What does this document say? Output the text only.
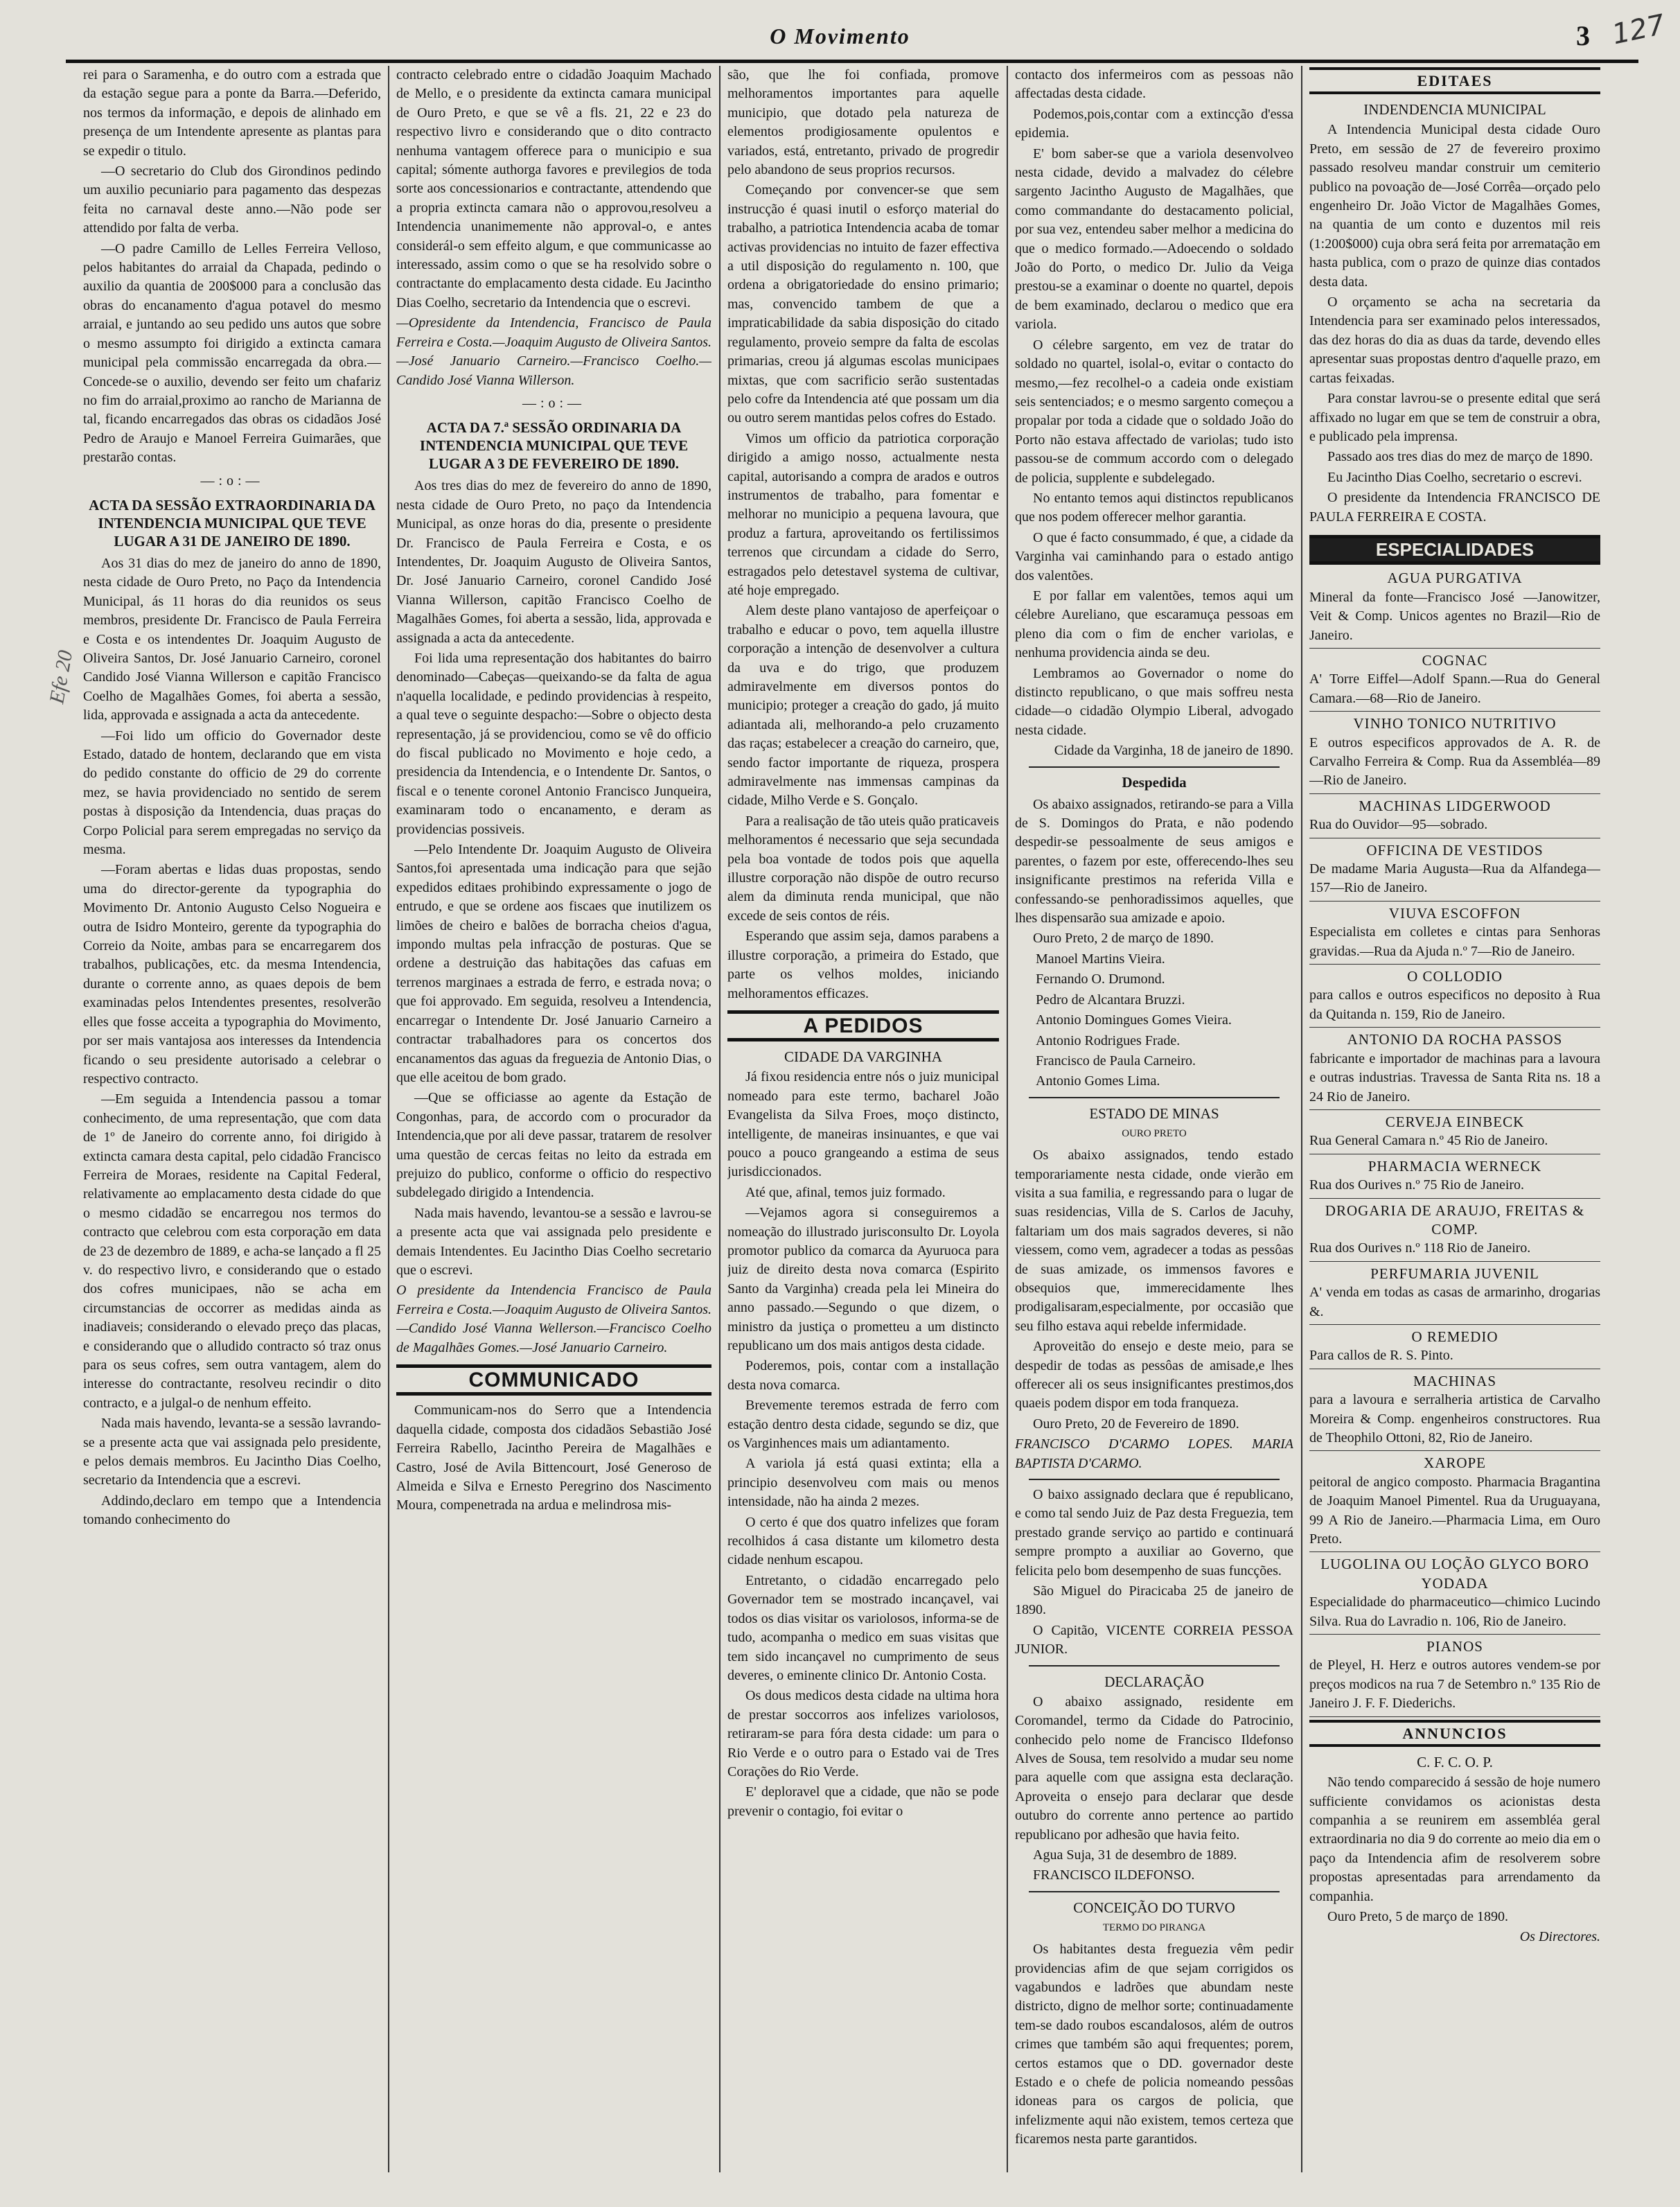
O Movimento	3 127
Efe 20

rei para o Saramenha, e do outro com a estrada que da estação segue para a ponte da Barra.—Deferido, nos termos da informação, e depois de alinhado em presença de um Intendente apresente as plantas para se expedir o titulo.

—O secretario do Club dos Girondinos pedindo um auxilio pecuniario para pagamento das despezas feita no carnaval deste anno.—Não pode ser attendido por falta de verba.

—O padre Camillo de Lelles Ferreira Velloso, pelos habitantes do arraial da Chapada, pedindo o auxilio da quantia de 200$000 para a conclusão das obras do encanamento d'agua potavel do mesmo arraial, e juntando ao seu pedido uns autos que sobre o mesmo assumpto foi dirigido a extincta camara municipal pela commissão encarregada da obra.—Concede-se o auxilio, devendo ser feito um chafariz no fim do arraial,proximo ao rancho de Marianna de tal, ficando encarregados das obras os cidadãos José Pedro de Araujo e Manoel Ferreira Guimarães, que prestarão contas.

—:o:—
ACTA DA SESSÃO EXTRAORDINARIA DA INTENDENCIA MUNICIPAL QUE TEVE LUGAR A 31 DE JANEIRO DE 1890.

Aos 31 dias do mez de janeiro do anno de 1890, nesta cidade de Ouro Preto, no Paço da Intendencia Municipal, ás 11 horas do dia reunidos os seus membros, presidente Dr. Francisco de Paula Ferreira e Costa e os intendentes Dr. Joaquim Augusto de Oliveira Santos, Dr. José Januario Carneiro, coronel Candido José Vianna Willerson e capitão Francisco Coelho de Magalhães Gomes, foi aberta a sessão, lida, approvada e assignada a acta da antecedente.

—Foi lido um officio do Governador deste Estado, datado de hontem, declarando que em vista do pedido constante do officio de 29 do corrente mez, se havia providenciado no sentido de serem postas à disposição da Intendencia, duas praças do Corpo Policial para serem empregadas no serviço da mesma.

—Foram abertas e lidas duas propostas, sendo uma do director-gerente da typographia do Movimento Dr. Antonio Augusto Celso Nogueira e outra de Isidro Monteiro, gerente da typographia do Correio da Noite, ambas para se encarregarem dos trabalhos, publicações, etc. da mesma Intendencia, durante o corrente anno, as quaes depois de bem examinadas pelos Intendentes presentes, resolverão elles que fosse acceita a typographia do Movimento, por ser mais vantajosa aos interesses da Intendencia ficando o seu presidente autorisado a celebrar o respectivo contracto.

—Em seguida a Intendencia passou a tomar conhecimento, de uma representação, que com data de 1º de Janeiro do corrente anno, foi dirigido à extincta camara desta capital, pelo cidadão Francisco Ferreira de Moraes, residente na Capital Federal, relativamente ao emplacamento desta cidade do que o mesmo cidadão se encarregou nos termos do contracto que celebrou com esta corporação em data de 23 de dezembro de 1889, e acha-se lançado a fl 25 v. do respectivo livro, e considerando que o estado dos cofres municipaes, não se acha em circumstancias de occorrer as medidas ainda as inadiaveis; considerando o elevado preço das placas, e considerando que o alludido contracto só traz onus para os seus cofres, sem outra vantagem, alem do interesse do contractante, resolveu recindir o dito contracto, e a julgal-o de nenhum effeito.

Nada mais havendo, levanta-se a sessão lavrando-se a presente acta que vai assignada pelo presidente, e pelos demais membros. Eu Jacintho Dias Coelho, secretario da Intendencia que a escrevi.

Addindo,declaro em tempo que a Intendencia tomando conhecimento do

contracto celebrado entre o cidadão Joaquim Machado de Mello, e o presidente da extincta camara municipal de Ouro Preto, e que se vê a fls. 21, 22 e 23 do respectivo livro e considerando que o dito contracto nenhuma vantagem offerece para o municipio e sua capital; sómente authorga favores e previlegios de toda sorte aos concessionarios e contractante, attendendo que a propria extincta camara não o approvou,resolveu a Intendencia unanimemente não approval-o, e antes considerál-o sem effeito algum, e que communicasse ao interessado, assim como o que se ha resolvido sobre o contractante do emplacamento desta cidade. Eu Jacintho Dias Coelho, secretario da Intendencia que o escrevi.

—Opresidente da Intendencia, Francisco de Paula Ferreira e Costa.—Joaquim Augusto de Oliveira Santos.—José Januario Carneiro.—Francisco Coelho.—Candido José Vianna Willerson.

—:o:—
ACTA DA 7.ª SESSÃO ORDINARIA DA INTENDENCIA MUNICIPAL QUE TEVE LUGAR A 3 DE FEVEREIRO DE 1890.

Aos tres dias do mez de fevereiro do anno de 1890, nesta cidade de Ouro Preto, no paço da Intendencia Municipal, as onze horas do dia, presente o presidente Dr. Francisco de Paula Ferreira e Costa, e os Intendentes, Dr. Joaquim Augusto de Oliveira Santos, Dr. José Januario Carneiro, coronel Candido José Vianna Willerson, capitão Francisco Coelho de Magalhães Gomes, foi aberta a sessão, lida, approvada e assignada a acta da antecedente.

Foi lida uma representação dos habitantes do bairro denominado—Cabeças—queixando-se da falta de agua n'aquella localidade, e pedindo providencias à respeito, a qual teve o seguinte despacho:—Sobre o objecto desta representação, já se providenciou, como se vê do officio do fiscal publicado no Movimento e hoje cedo, a presidencia da Intendencia, e o Intendente Dr. Santos, o fiscal e o tenente coronel Antonio Francisco Junqueira, examinaram todo o encanamento, e deram as providencias possiveis.

—Pelo Intendente Dr. Joaquim Augusto de Oliveira Santos,foi apresentada uma indicação para que sejão expedidos editaes prohibindo expressamente o jogo de entrudo, e que se ordene aos fiscaes que inutilizem os limões de cheiro e balões de borracha cheios d'agua, impondo multas pela infracção de posturas. Que se ordene a destruição das habitações das cafuas em terrenos marginaes a estrada de ferro, e estrada nova; o que foi approvado. Em seguida, resolveu a Intendencia, encarregar o Intendente Dr. José Januario Carneiro a contractar trabalhadores para os concertos dos encanamentos das aguas da freguezia de Antonio Dias, o que elle aceitou de bom grado.

—Que se officiasse ao agente da Estação de Congonhas, para, de accordo com o procurador da Intendencia,que por ali deve passar, tratarem de resolver uma questão de cercas feitas no leito da estrada em prejuizo do publico, conforme o officio do respectivo subdelegado dirigido a Intendencia.

Nada mais havendo, levantou-se a sessão e lavrou-se a presente acta que vai assignada pelo presidente e demais Intendentes. Eu Jacintho Dias Coelho secretario que o escrevi.

O presidente da Intendencia Francisco de Paula Ferreira e Costa.—Joaquim Augusto de Oliveira Santos.—Candido José Vianna Wellerson.—Francisco Coelho de Magalhães Gomes.—José Januario Carneiro.

COMMUNICADO

Communicam-nos do Serro que a Intendencia daquella cidade, composta dos cidadãos Sebastião José Ferreira Rabello, Jacintho Pereira de Magalhães e Castro, José de Avila Bittencourt, José Generoso de Almeida e Silva e Ernesto Peregrino dos Nascimento Moura, compenetrada na ardua e melindrosa mis-

são, que lhe foi confiada, promove melhoramentos importantes para aquelle municipio, que dotado pela natureza de elementos prodigiosamente opulentos e variados, está, entretanto, privado de progredir pelo abandono de seus proprios recursos.

Começando por convencer-se que sem instrucção é quasi inutil o esforço material do trabalho, a patriotica Intendencia acaba de tomar activas providencias no intuito de fazer effectiva a util disposição do regulamento n. 100, que ordena a obrigatoriedade do ensino primario; mas, convencido tambem de que a impraticabilidade da sabia disposição do citado regulamento, proveio sempre da falta de escolas primarias, creou já algumas escolas municipaes mixtas, que com sacrificio serão sustentadas pelo cofre da Intendencia até que possam um dia ou outro serem mantidas pelos cofres do Estado.

Vimos um officio da patriotica corporação dirigido a amigo nosso, actualmente nesta capital, autorisando a compra de arados e outros instrumentos de trabalho, para fomentar e melhorar no municipio a pequena lavoura, que produz a fartura, aproveitando os fertilissimos terrenos que circundam a cidade do Serro, estragados pelo detestavel systema de cultivar, até hoje empregado.

Alem deste plano vantajoso de aperfeiçoar o trabalho e educar o povo, tem aquella illustre corporação a intenção de desenvolver a cultura da uva e do trigo, que produzem admiravelmente em diversos pontos do municipio; proteger a creação do gado, já muito adiantada ali, melhorando-a pelo cruzamento das raças; estabelecer a creação do carneiro, que, sendo factor importante de riqueza, prospera admiravelmente nas immensas campinas da cidade, Milho Verde e S. Gonçalo.

Para a realisação de tão uteis quão praticaveis melhoramentos é necessario que seja secundada pela boa vontade de todos pois que aquella illustre corporação não dispõe de outro recurso alem da diminuta renda municipal, que não excede de seis contos de réis.

Esperando que assim seja, damos parabens a illustre corporação, a primeira do Estado, que parte os velhos moldes, iniciando melhoramentos efficazes.

A PEDIDOS
CIDADE DA VARGINHA

Já fixou residencia entre nós o juiz municipal nomeado para este termo, bacharel João Evangelista da Silva Froes, moço distincto, intelligente, de maneiras insinuantes, e que vai pouco a pouco grangeando a estima de seus jurisdiccionados.

Até que, afinal, temos juiz formado.

—Vejamos agora si conseguiremos a nomeação do illustrado jurisconsulto Dr. Loyola promotor publico da comarca da Ayuruoca para juiz de direito desta nova comarca (Espirito Santo da Varginha) creada pela lei Mineira do anno passado.—Segundo o que dizem, o ministro da justiça o prometteu a um distincto republicano um dos mais antigos desta cidade.

Poderemos, pois, contar com a installação desta nova comarca.

Brevemente teremos estrada de ferro com estação dentro desta cidade, segundo se diz, que os Varginhences mais um adiantamento.

A variola já está quasi extinta; ella a principio desenvolveu com mais ou menos intensidade, não ha ainda 2 mezes.

O certo é que dos quatro infelizes que foram recolhidos á casa distante um kilometro desta cidade nenhum escapou.

Entretanto, o cidadão encarregado pelo Governador tem se mostrado incançavel, vai todos os dias visitar os variolosos, informa-se de tudo, acompanha o medico em suas visitas que tem sido incançavel no cumprimento de seus deveres, o eminente clinico Dr. Antonio Costa.

Os dous medicos desta cidade na ultima hora de prestar soccorros aos infelizes variolosos, retiraram-se para fóra desta cidade: um para o Rio Verde e o outro para o Estado vai de Tres Corações do Rio Verde.

E' deploravel que a cidade, que não se pode prevenir o contagio, foi evitar o

contacto dos infermeiros com as pessoas não affectadas desta cidade.

Podemos,pois,contar com a extincção d'essa epidemia.

E' bom saber-se que a variola desenvolveo nesta cidade, devido a malvadez do célebre sargento Jacintho Augusto de Magalhães, que como commandante do destacamento policial, por sua vez, entendeu saber melhor a medicina do que o medico formado.—Adoecendo o soldado João do Porto, o medico Dr. Julio da Veiga prestou-se a examinar o doente no quartel, depois de bem examinado, declarou o medico que era variola.

O célebre sargento, em vez de tratar do soldado no quartel, isolal-o, evitar o contacto do mesmo,—fez recolhel-o a cadeia onde existiam seis sentenciados; e o mesmo sargento começou a propalar por toda a cidade que o soldado João do Porto não estava affectado de variolas; tudo isto passou-se de commum accordo com o delegado de policia, supplente e subdelegado.

No entanto temos aqui distinctos republicanos que nos podem offerecer melhor garantia.

O que é facto consummado, é que, a cidade da Varginha vai caminhando para o estado antigo dos valentões.

E por fallar em valentões, temos aqui um célebre Aureliano, que escaramuça pessoas em pleno dia com o fim de encher variolas, e nenhuma providencia ainda se deu.

Lembramos ao Governador o nome do distincto republicano, o que mais soffreu nesta cidade—o cidadão Olympio Liberal, advogado nesta cidade.

Cidade da Varginha, 18 de janeiro de 1890.

Despedida

Os abaixo assignados, retirando-se para a Villa de S. Domingos do Prata, e não podendo despedir-se pessoalmente de seus amigos e parentes, o fazem por este, offerecendo-lhes seu insignificante prestimos na referida Villa e confessando-se penhoradissimos aquelles, que lhes dispensarão sua amizade e apoio.

Ouro Preto, 2 de março de 1890.

Manoel Martins Vieira.

Fernando O. Drumond.

Pedro de Alcantara Bruzzi.

Antonio Domingues Gomes Vieira.

Antonio Rodrigues Frade.

Francisco de Paula Carneiro.

Antonio Gomes Lima.

ESTADO DE MINAS
OURO PRETO

Os abaixo assignados, tendo estado temporariamente nesta cidade, onde vierão em visita a sua familia, e regressando para o lugar de suas residencias, Villa de S. Carlos de Jacuhy, faltariam um dos mais sagrados deveres, si não viessem, como vem, agradecer a todas as pessôas de suas amizade, os immensos favores e obsequios que, immerecidamente lhes prodigalisaram,especialmente, por occasião que seu filho estava aqui rebelde infermidade.

Aproveitão do ensejo e deste meio, para se despedir de todas as pessôas de amisade,e lhes offerecer ali os seus insignificantes prestimos,dos quaeis podem dispor em toda franqueza.

Ouro Preto, 20 de Fevereiro de 1890.

FRANCISCO D'CARMO LOPES. MARIA BAPTISTA D'CARMO.

O baixo assignado declara que é republicano, e como tal sendo Juiz de Paz desta Freguezia, tem prestado grande serviço ao partido e continuará sempre prompto a auxiliar ao Governo, que felicita pelo bom desempenho de suas funcções.

São Miguel do Piracicaba 25 de janeiro de 1890.

O Capitão, VICENTE CORREIA PESSOA JUNIOR.

DECLARAÇÃO

O abaixo assignado, residente em Coromandel, termo da Cidade do Patrocinio, conhecido pelo nome de Francisco Ildefonso Alves de Sousa, tem resolvido a mudar seu nome para aquelle com que assigna esta declaração. Aproveita o ensejo para declarar que desde outubro do corrente anno pertence ao partido republicano por adhesão que havia feito.

Agua Suja, 31 de desembro de 1889.

FRANCISCO ILDEFONSO.

CONCEIÇÃO DO TURVO
TERMO DO PIRANGA

Os habitantes desta freguezia vêm pedir providencias afim de que sejam corrigidos os vagabundos e ladrões que abundam neste districto, digno de melhor sorte; continuadamente tem-se dado roubos escandalosos, além de outros crimes que também são aqui frequentes; porem, certos estamos que o DD. governador deste Estado e o chefe de policia nomeando pessôas idoneas para os cargos de policia, que infelizmente aqui não existem, temos certeza que ficaremos nesta parte garantidos.

EDITAES
INDENDENCIA MUNICIPAL

A Intendencia Municipal desta cidade Ouro Preto, em sessão de 27 de fevereiro proximo passado resolveu mandar construir um cemiterio publico na povoação de—José Corrêa—orçado pelo engenheiro Dr. João Victor de Magalhães Gomes, na quantia de um conto e duzentos mil reis (1:200$000) cuja obra será feita por arrematação em hasta publica, com o prazo de quinze dias contados desta data.

O orçamento se acha na secretaria da Intendencia para ser examinado pelos interessados, das dez horas do dia as duas da tarde, devendo elles apresentar suas propostas dentro d'aquelle prazo, em cartas feixadas.

Para constar lavrou-se o presente edital que será affixado no lugar em que se tem de construir a obra, e publicado pela imprensa.

Passado aos tres dias do mez de março de 1890.

Eu Jacintho Dias Coelho, secretario o escrevi.

O presidente da Intendencia FRANCISCO DE PAULA FERREIRA E COSTA.

ESPECIALIDADES
AGUA PURGATIVA
Mineral da fonte—Francisco José —Janowitzer, Veit & Comp. Unicos agentes no Brazil—Rio de Janeiro.
COGNAC
A' Torre Eiffel—Adolf Spann.—Rua do General Camara.—68—Rio de Janeiro.
VINHO TONICO NUTRITIVO
E outros especificos approvados de A. R. de Carvalho Ferreira & Comp. Rua da Assembléa—89—Rio de Janeiro.
MACHINAS LIDGERWOOD
Rua do Ouvidor—95—sobrado.
OFFICINA DE VESTIDOS
De madame Maria Augusta—Rua da Alfandega—157—Rio de Janeiro.
VIUVA ESCOFFON
Especialista em colletes e cintas para Senhoras gravidas.—Rua da Ajuda n.º 7—Rio de Janeiro.
O COLLODIO
para callos e outros especificos no deposito à Rua da Quitanda n. 159, Rio de Janeiro.
ANTONIO DA ROCHA PASSOS
fabricante e importador de machinas para a lavoura e outras industrias. Travessa de Santa Rita ns. 18 a 24 Rio de Janeiro.
CERVEJA EINBECK
Rua General Camara n.º 45 Rio de Janeiro.
PHARMACIA WERNECK
Rua dos Ourives n.º 75 Rio de Janeiro.
DROGARIA DE ARAUJO, FREITAS & COMP.
Rua dos Ourives n.º 118 Rio de Janeiro.
PERFUMARIA JUVENIL
A' venda em todas as casas de armarinho, drogarias &.
O REMEDIO
Para callos de R. S. Pinto.
MACHINAS
para a lavoura e serralheria artistica de Carvalho Moreira & Comp. engenheiros constructores. Rua de Theophilo Ottoni, 82, Rio de Janeiro.
XAROPE
peitoral de angico composto. Pharmacia Bragantina de Joaquim Manoel Pimentel. Rua da Uruguayana, 99 A Rio de Janeiro.—Pharmacia Lima, em Ouro Preto.
LUGOLINA OU LOÇÃO GLYCO BORO YODADA
Especialidade do pharmaceutico—chimico Lucindo Silva. Rua do Lavradio n. 106, Rio de Janeiro.
PIANOS
de Pleyel, H. Herz e outros autores vendem-se por preços modicos na rua 7 de Setembro n.º 135 Rio de Janeiro J. F. F. Diederichs.
ANNUNCIOS
C. F. C. O. P.

Não tendo comparecido á sessão de hoje numero sufficiente convidamos os acionistas desta companhia a se reunirem em assembléa geral extraordinaria no dia 9 do corrente ao meio dia em o paço da Intendencia afim de resolverem sobre propostas apresentadas para arrendamento da companhia.

Ouro Preto, 5 de março de 1890.

Os Directores.
